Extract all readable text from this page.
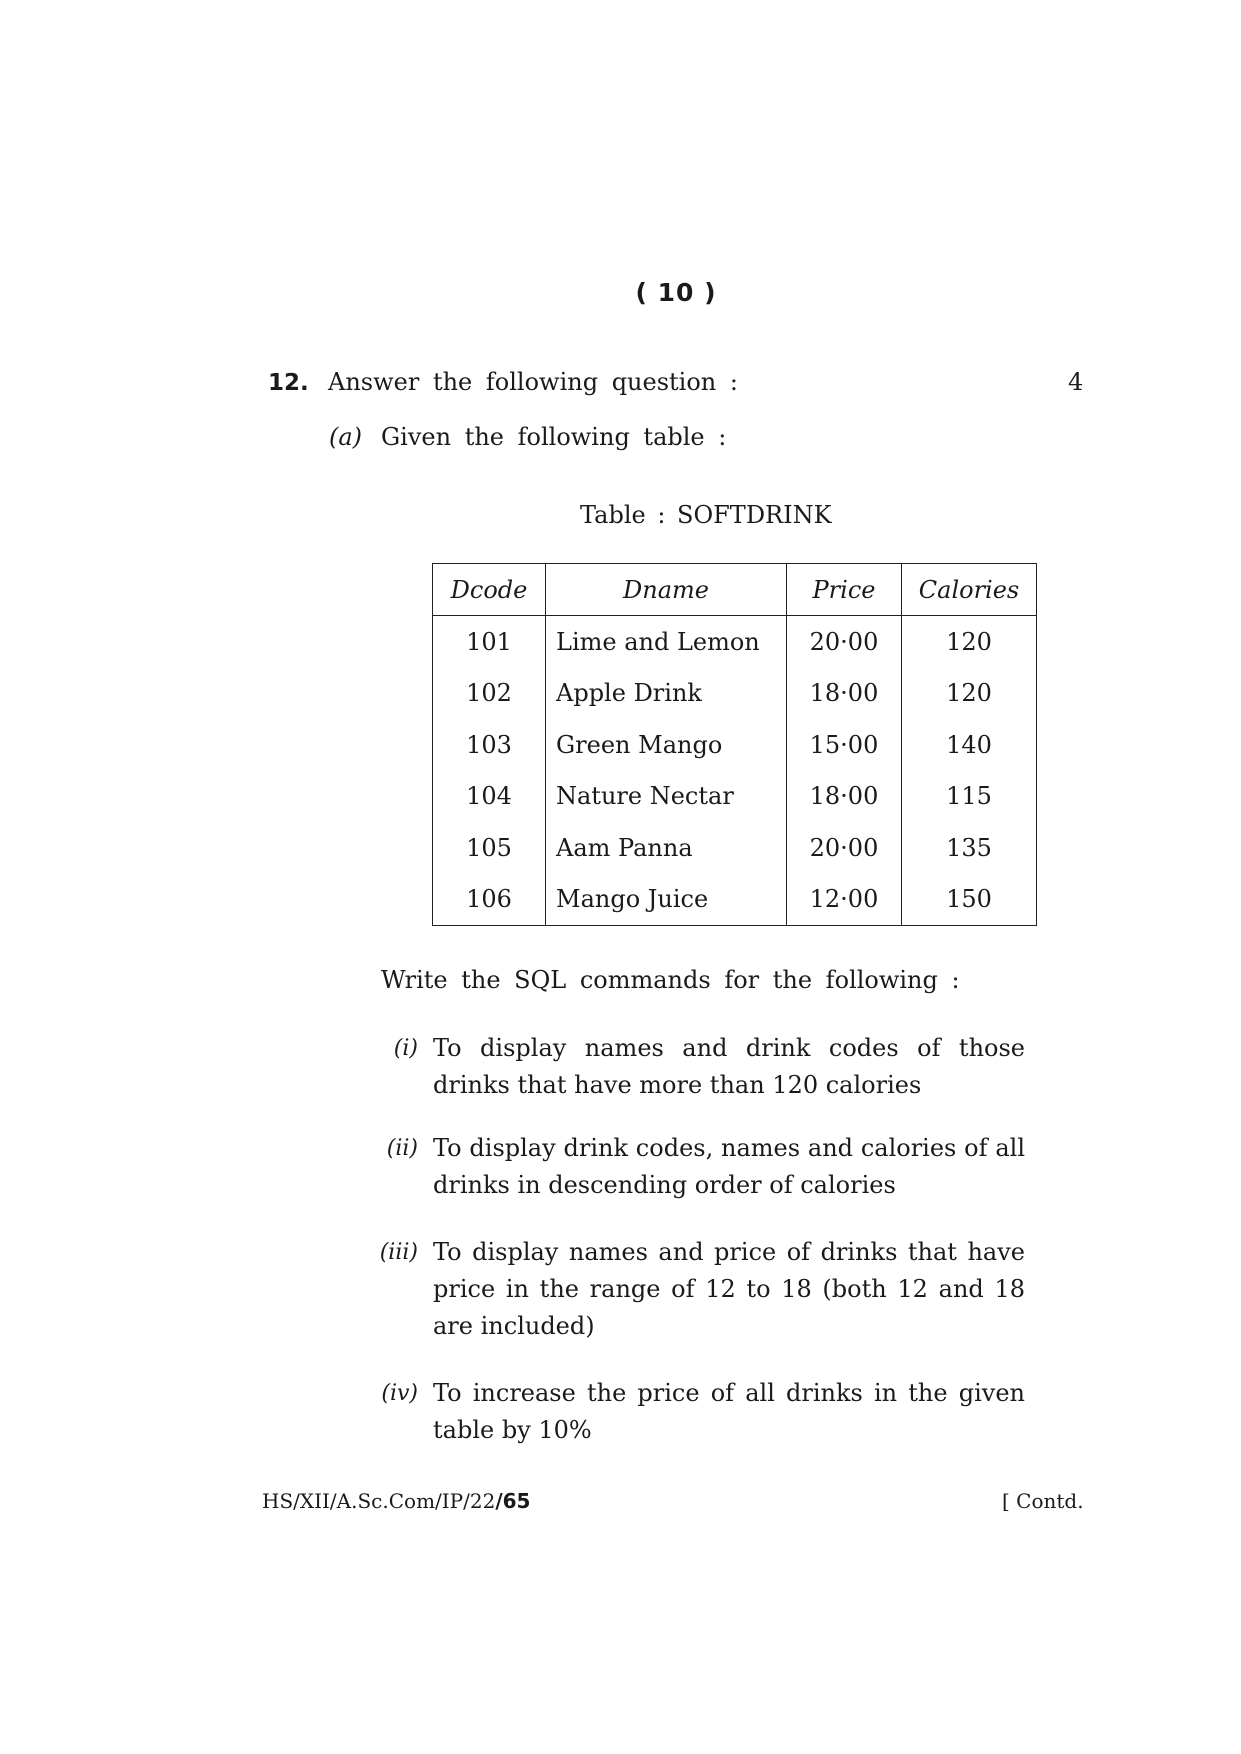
( 10 )
12. Answer the following question :	4
(a) Given the following table :
Table : SOFTDRINK
Dcode	Dname	Price	Calories
101	Lime and Lemon	20·00	120
102	Apple Drink	18·00	120
103	Green Mango	15·00	140
104	Nature Nectar	18·00	115
105	Aam Panna	20·00	135
106	Mango Juice	12·00	150
Write the SQL commands for the following :
(i) To display names and drink codes of those drinks that have more than 120 calories
(ii) To display drink codes, names and calories of all drinks in descending order of calories
(iii) To display names and price of drinks that have price in the range of 12 to 18 (both 12 and 18 are included)
(iv) To increase the price of all drinks in the given table by 10%
HS/XII/A.Sc.Com/IP/22/65	[ Contd.
